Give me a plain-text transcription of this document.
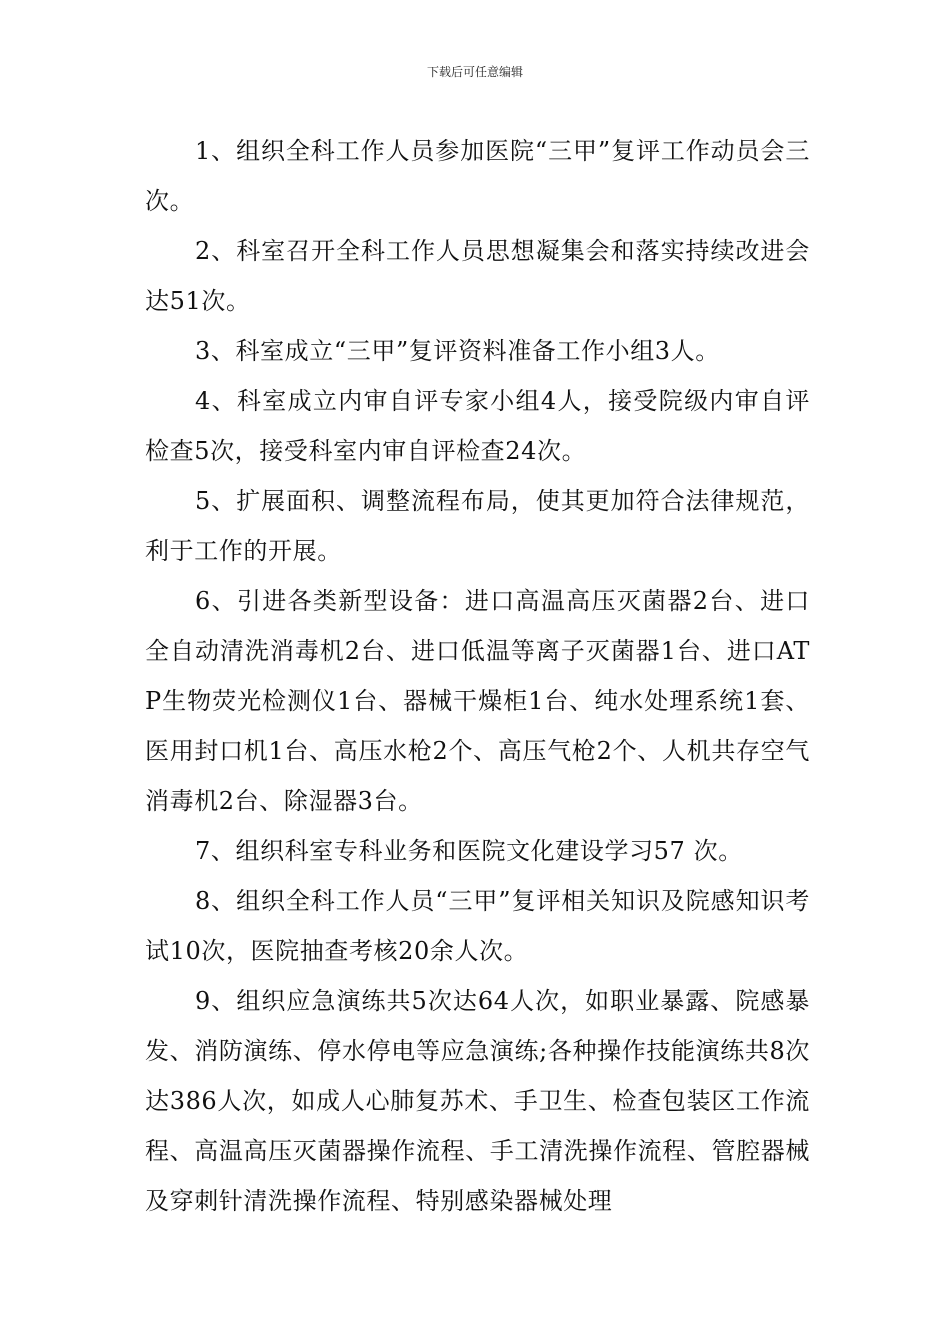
下载后可任意编辑

1、组织全科工作人员参加医院“三甲”复评工作动员会三次。

2、科室召开全科工作人员思想凝集会和落实持续改进会达51次。

3、科室成立“三甲”复评资料准备工作小组3人。

4、科室成立内审自评专家小组4人，接受院级内审自评检查5次，接受科室内审自评检查24次。

5、扩展面积、调整流程布局，使其更加符合法律规范，利于工作的开展。

6、引进各类新型设备：进口高温高压灭菌器2台、进口全自动清洗消毒机2台、进口低温等离子灭菌器1台、进口ATP生物荧光检测仪1台、器械干燥柜1台、纯水处理系统1套、医用封口机1台、高压水枪2个、高压气枪2个、人机共存空气消毒机2台、除湿器3台。

7、组织科室专科业务和医院文化建设学习57 次。

8、组织全科工作人员“三甲”复评相关知识及院感知识考试10次，医院抽查考核20余人次。

9、组织应急演练共5次达64人次，如职业暴露、院感暴发、消防演练、停水停电等应急演练;各种操作技能演练共8次达386人次，如成人心肺复苏术、手卫生、检查包装区工作流程、高温高压灭菌器操作流程、手工清洗操作流程、管腔器械及穿刺针清洗操作流程、特别感染器械处理
